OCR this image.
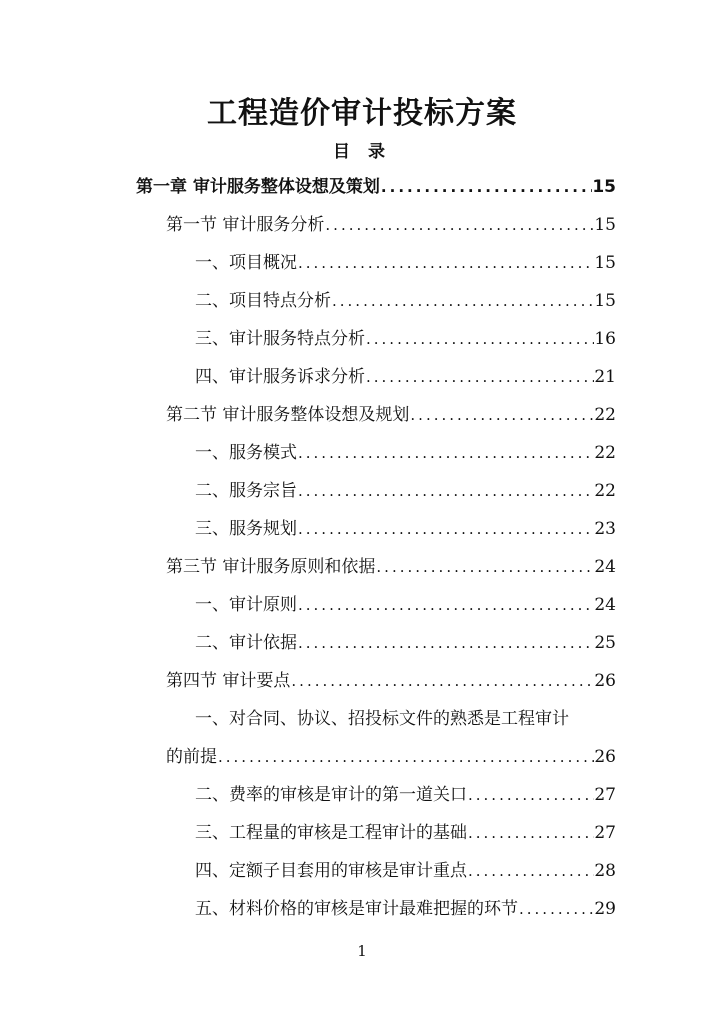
工程造价审计投标方案
目 录
第一章 审计服务整体设想及策划 .....	15
第一节 审计服务分析 .....	15
一、项目概况 .....	15
二、项目特点分析 .....	15
三、审计服务特点分析 .....	16
四、审计服务诉求分析 .....	21
第二节 审计服务整体设想及规划 .....	22
一、服务模式 .....	22
二、服务宗旨 .....	22
三、服务规划 .....	23
第三节 审计服务原则和依据 .....	24
一、审计原则 .....	24
二、审计依据 .....	25
第四节 审计要点 .....	26
一、对合同、协议、招投标文件的熟悉是工程审计
的前提 .....	26
二、费率的审核是审计的第一道关口 .....	27
三、工程量的审核是工程审计的基础 .....	27
四、定额子目套用的审核是审计重点 .....	28
五、材料价格的审核是审计最难把握的环节 .....	29
1
